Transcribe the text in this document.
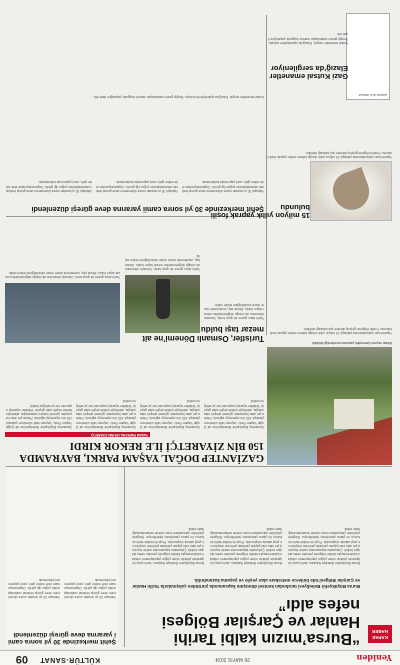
Yeniden
26 MAYIS 2024
KÜLTÜR-SANAT
09
KAPAK HABER
“Bursa’mızın kalbi Tarihi Hanlar ve Çarşılar Bölgesi nefes aldı”
Bursa Büyükşehir Belediyesi tarafından kentsel dönüşüm kapsamında yürütülen çalışmalarla Tarihi Hanlar ve Çarşılar Bölgesi’nde binlerce metrekare alan yeşile ve yaşama kazandırıldı.

Bursa Büyükşehir Belediye Başkanı, tarihi çarşı bölgesinde yıllardır süren yoğun yapılaşmanın ortadan kaldırılmasıyla birlikte bölgenin yeniden nefes aldığını belirtti. Çalışmalar kapsamında cadde boyunca yer alan eski yapılar yıkılarak yerlerine meydan ve yeşil alanlar oluşturuldu. Proje ile birlikte tarihi dokunun ön plana çıkarılması hedefleniyor. Bölgede yürütülen çalışmaların kısa sürede tamamlanacağı ifade edildi.

Bursa Büyükşehir Belediye Başkanı, tarihi çarşı bölgesinde yıllardır süren yoğun yapılaşmanın ortadan kaldırılmasıyla birlikte bölgenin yeniden nefes aldığını belirtti. Çalışmalar kapsamında cadde boyunca yer alan eski yapılar yıkılarak yerlerine meydan ve yeşil alanlar oluşturuldu. Proje ile birlikte tarihi dokunun ön plana çıkarılması hedefleniyor. Bölgede yürütülen çalışmaların kısa sürede tamamlanacağı ifade edildi.

Bursa Büyükşehir Belediye Başkanı, tarihi çarşı bölgesinde yıllardır süren yoğun yapılaşmanın ortadan kaldırılmasıyla birlikte bölgenin yeniden nefes aldığını belirtti. Çalışmalar kapsamında cadde boyunca yer alan eski yapılar yıkılarak yerlerine meydan ve yeşil alanlar oluşturuldu. Proje ile birlikte tarihi dokunun ön plana çıkarılması hedefleniyor. Bölgede yürütülen çalışmaların kısa sürede tamamlanacağı ifade edildi.

Şehit merkezinde 30 yıl sonra camii yararına deve güreşi düzenlendi
Yaklaşık 30 yıl aradan sonra düzenlenen deve güreşi festivali vatandaşlardan yoğun ilgi gördü. Organizasyondan elde edilen gelir, cami yapımında kullanılacak.
Yaklaşık 30 yıl aradan sonra düzenlenen deve güreşi festivali vatandaşlardan yoğun ilgi gördü. Organizasyondan elde edilen gelir, cami yapımında kullanılacak.
Mezar taşının üzerindeki yazıların incelendiği bildirildi.
GAZİANTEP DOĞAL YAŞAM PARKI, BAYRAMDA 150 BİN ZİYARETÇİ İLE REKOR KIRDI
YAŞAM PARKI’NA 150 BİN ZİYARETÇİ
Gaziantep Büyükşehir Belediyesi’ne ait Doğal Yaşam Parkı, bayram tatili süresince yaklaşık 150 bin ziyaretçiyi ağırladı. Parkta yer alan hayvanları görmek isteyen vatandaşlar, aileleriyle birlikte keyifli vakit geçirdi. Yetkililer ziyaretçi sayısının her yıl arttığını belirtti.
Gaziantep Büyükşehir Belediyesi’ne ait Doğal Yaşam Parkı, bayram tatili süresince yaklaşık 150 bin ziyaretçiyi ağırladı. Parkta yer alan hayvanları görmek isteyen vatandaşlar, aileleriyle birlikte keyifli vakit geçirdi. Yetkililer ziyaretçi sayısının her yıl arttığını belirtti.
Gaziantep Büyükşehir Belediyesi’ne ait Doğal Yaşam Parkı, bayram tatili süresince yaklaşık 150 bin ziyaretçiyi ağırladı. Parkta yer alan hayvanları görmek isteyen vatandaşlar, aileleriyle birlikte keyifli vakit geçirdi. Yetkililer ziyaretçi sayısının her yıl arttığını belirtti.
Gaziantep Büyükşehir Belediyesi’ne ait Doğal Yaşam Parkı, bayram tatili süresince yaklaşık 150 bin ziyaretçiyi ağırladı. Parkta yer alan hayvanları görmek isteyen vatandaşlar, aileleriyle birlikte keyifli vakit geçirdi. Yetkililer ziyaretçi sayısının her yıl arttığını belirtti.
Turistler, Osmanlı Dönemi’ne ait mezar taşı buldu
Tarihi alanı gezen bir grup turist, Osmanlı dönemine ait olduğu değerlendirilen mezar taşını buldu. Mezar taşı, incelenmek üzere müze müdürlüğüne teslim edildi.
Tarihi alanı gezen bir grup turist, Osmanlı dönemine ait olduğu değerlendirilen mezar taşını buldu. Mezar taşı, incelenmek üzere müze müdürlüğüne teslim edildi.
Tarihi alanı gezen bir grup turist, Osmanlı dönemine ait olduğu değerlendirilen mezar taşını buldu. Mezar taşı, incelenmek üzere müze müdürlüğüne teslim edildi.
Şehit merkezinde 30 yıl sonra camii yararına deve güreşi düzenlendi
Yaklaşık 30 yıl aradan sonra düzenlenen deve güreşi festivali vatandaşlardan yoğun ilgi gördü. Organizasyondan elde edilen gelir, cami yapımında kullanılacak.
Yaklaşık 30 yıl aradan sonra düzenlenen deve güreşi festivali vatandaşlardan yoğun ilgi gördü. Organizasyondan elde edilen gelir, cami yapımında kullanılacak.
Yaklaşık 30 yıl aradan sonra düzenlenen deve güreşi festivali vatandaşlardan yoğun ilgi gördü. Organizasyondan elde edilen gelir, cami yapımında kullanılacak.
Yapılan kazı çalışmalarında yaklaşık 15 milyon yıllık olduğu tahmin edilen yaprak fosili bulundu. Fosilin bölgenin geçmiş iklimine ışık tutacağı belirtildi.
15 milyon yıllık yaprak fosili bulundu
Yapılan kazı çalışmalarında yaklaşık 15 milyon yıllık olduğu tahmin edilen yaprak fosili bulundu. Fosilin bölgenin geçmiş iklimine ışık tutacağı belirtildi.
HAKAN GÜL İNŞAAT
Gazi Kutsal emanetler Elazığ’da sergileniyor
Kutsal emanetler sergisi, Elazığ’da ziyaretçilerle buluştu. Sergiyi gezen vatandaşlar manevi duygular yaşadığını ifade etti.
Kutsal emanetler sergisi, Elazığ’da ziyaretçilerle buluştu. Sergiyi gezen vatandaşlar manevi duygular yaşadığını ifade etti.
